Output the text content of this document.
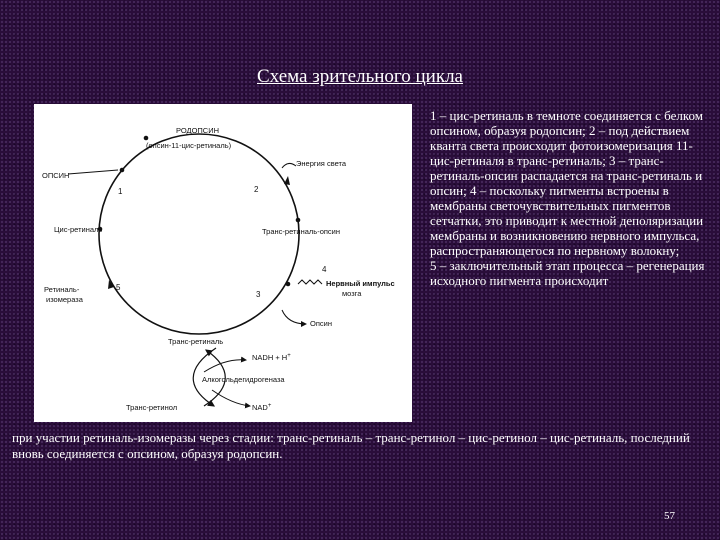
Схема зрительного цикла
РОДОПСИН
(опсин-11-цис-ретиналь)
Энергия света
ОПСИН
1	2
3
4
5
Цис-ретиналь	Транс-ретиналь-опсин
Нервный импульс
мозга
Ретиналь-
изомераза
Опсин
Транс-ретиналь
NADH + H+
Алкогольдегидрогеназа
Транс-ретинол	NAD+
1 – цис-ретиналь в темноте соединяется с белком опсином, образуя родопсин; 2 – под действием кванта света происходит фотоизомеризация 11-цис-ретиналя в транс-ретиналь; 3 – транс-ретиналь-опсин распадается на транс-ретиналь и опсин; 4 – поскольку пигменты встроены в мембраны светочувствительных пигментов сетчатки, это приводит к местной деполяризации мембраны и возникновению нервного импульса, распространяющегося по нервному волокну;
5 – заключительный этап процесса – регенерация исходного пигмента происходит
при участии ретиналь-изомеразы через стадии: транс-ретиналь – транс-ретинол – цис-ретинол – цис-ретиналь, последний вновь соединяется с опсином, образуя родопсин.
57
